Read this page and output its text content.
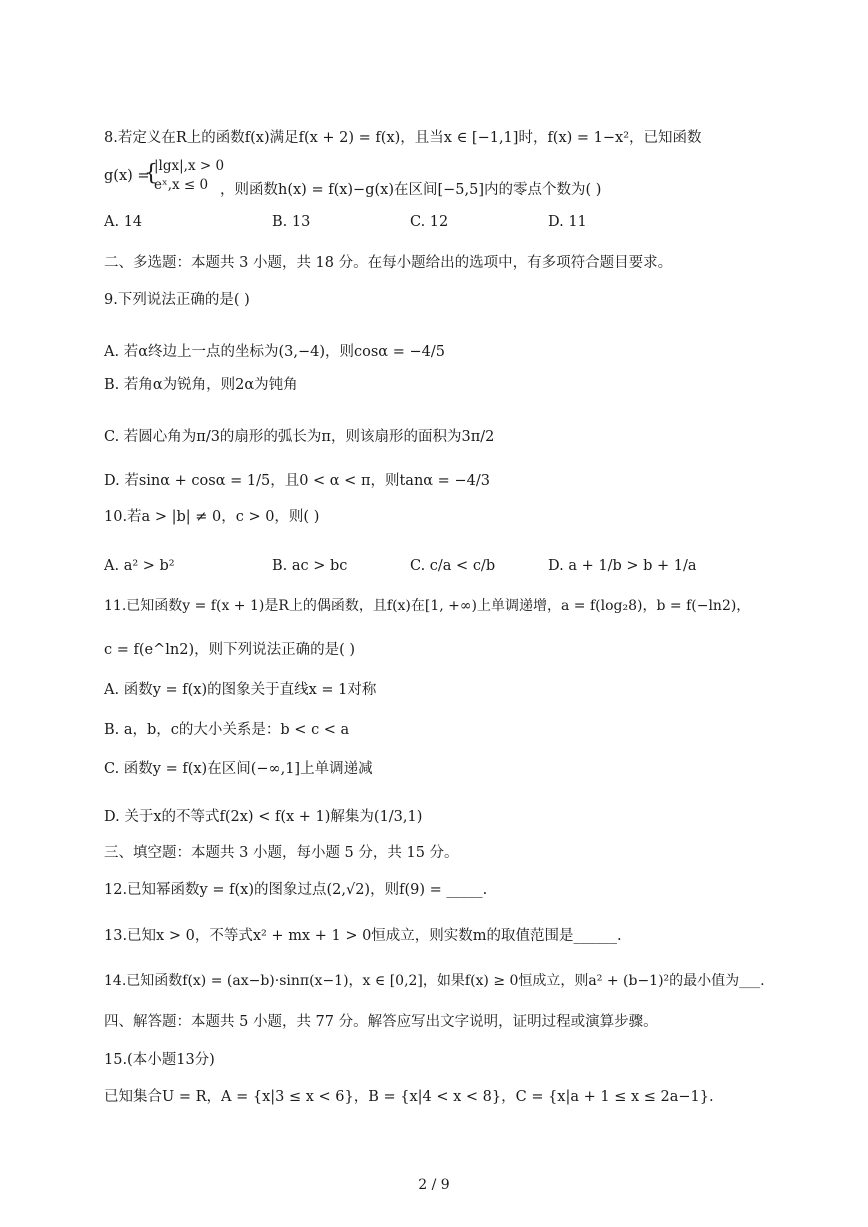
8.若定义在R上的函数f(x)满足f(x + 2) = f(x)，且当x ∈ [−1,1]时，f(x) = 1−x²，已知函数
g(x) =
{
|lgx|,x > 0
eˣ,x ≤ 0 ，则函数h(x) = f(x)−g(x)在区间[−5,5]内的零点个数为( )
A. 14	B. 13	C. 12	D. 11
二、多选题：本题共 3 小题，共 18 分。在每小题给出的选项中，有多项符合题目要求。
9.下列说法正确的是( )
A. 若α终边上一点的坐标为(3,−4)，则cosα = −4/5
B. 若角α为锐角，则2α为钝角
C. 若圆心角为π/3的扇形的弧长为π，则该扇形的面积为3π/2
D. 若sinα + cosα = 1/5，且0 < α < π，则tanα = −4/3
10.若a > |b| ≠ 0，c > 0，则( )
A. a² > b²	B. ac > bc	C. c/a < c/b	D. a + 1/b > b + 1/a
11.已知函数y = f(x + 1)是R上的偶函数，且f(x)在[1, +∞)上单调递增，a = f(log₂8)，b = f(−ln2)，
c = f(e^ln2)，则下列说法正确的是( )
A. 函数y = f(x)的图象关于直线x = 1对称
B. a，b，c的大小关系是：b < c < a
C. 函数y = f(x)在区间(−∞,1]上单调递减
D. 关于x的不等式f(2x) < f(x + 1)解集为(1/3,1)
三、填空题：本题共 3 小题，每小题 5 分，共 15 分。
12.已知幂函数y = f(x)的图象过点(2,√2)，则f(9) = _____.
13.已知x > 0，不等式x² + mx + 1 > 0恒成立，则实数m的取值范围是______.
14.已知函数f(x) = (ax−b)·sinπ(x−1)，x ∈ [0,2]，如果f(x) ≥ 0恒成立，则a² + (b−1)²的最小值为___.
四、解答题：本题共 5 小题，共 77 分。解答应写出文字说明，证明过程或演算步骤。
15.(本小题13分)
已知集合U = R，A = {x|3 ≤ x < 6}，B = {x|4 < x < 8}，C = {x|a + 1 ≤ x ≤ 2a−1}.
2 / 9
